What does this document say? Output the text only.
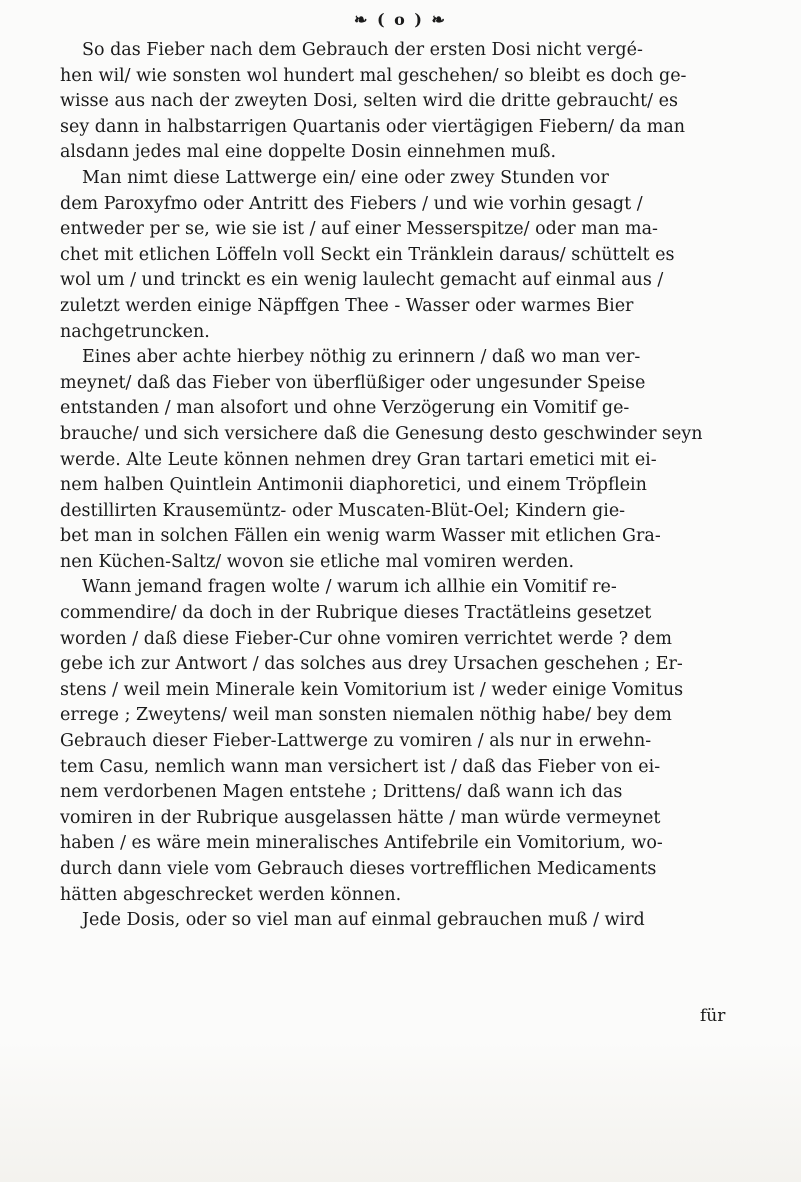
❧ ( o ) ❧
So das Fieber nach dem Gebrauch der ersten Dosi nicht vergé-
hen wil/ wie sonsten wol hundert mal geschehen/ so bleibt es doch ge-
wisse aus nach der zweyten Dosi, selten wird die dritte gebraucht/ es
sey dann in halbstarrigen Quartanis oder viertägigen Fiebern/ da man
alsdann jedes mal eine doppelte Dosin einnehmen muß.
Man nimt diese Lattwerge ein/ eine oder zwey Stunden vor
dem Paroxyfmo oder Antritt des Fiebers / und wie vorhin gesagt /
entweder per se, wie sie ist / auf einer Messerspitze/ oder man ma-
chet mit etlichen Löffeln voll Seckt ein Tränklein daraus/ schüttelt es
wol um / und trinckt es ein wenig laulecht gemacht auf einmal aus /
zuletzt werden einige Näpffgen Thee - Wasser oder warmes Bier
nachgetruncken.
Eines aber achte hierbey nöthig zu erinnern / daß wo man ver-
meynet/ daß das Fieber von überflüßiger oder ungesunder Speise
entstanden / man alsofort und ohne Verzögerung ein Vomitif ge-
brauche/ und sich versichere daß die Genesung desto geschwinder seyn
werde. Alte Leute können nehmen drey Gran tartari emetici mit ei-
nem halben Quintlein Antimonii diaphoretici, und einem Tröpflein
destillirten Krausemüntz- oder Muscaten-Blüt-Oel; Kindern gie-
bet man in solchen Fällen ein wenig warm Wasser mit etlichen Gra-
nen Küchen-Saltz/ wovon sie etliche mal vomiren werden.
Wann jemand fragen wolte / warum ich allhie ein Vomitif re-
commendire/ da doch in der Rubrique dieses Tractätleins gesetzet
worden / daß diese Fieber-Cur ohne vomiren verrichtet werde ? dem
gebe ich zur Antwort / das solches aus drey Ursachen geschehen ; Er-
stens / weil mein Minerale kein Vomitorium ist / weder einige Vomitus
errege ; Zweytens/ weil man sonsten niemalen nöthig habe/ bey dem
Gebrauch dieser Fieber-Lattwerge zu vomiren / als nur in erwehn-
tem Casu, nemlich wann man versichert ist / daß das Fieber von ei-
nem verdorbenen Magen entstehe ; Drittens/ daß wann ich das
vomiren in der Rubrique ausgelassen hätte / man würde vermeynet
haben / es wäre mein mineralisches Antifebrile ein Vomitorium, wo-
durch dann viele vom Gebrauch dieses vortrefflichen Medicaments
hätten abgeschrecket werden können.
Jede Dosis, oder so viel man auf einmal gebrauchen muß / wird
für
